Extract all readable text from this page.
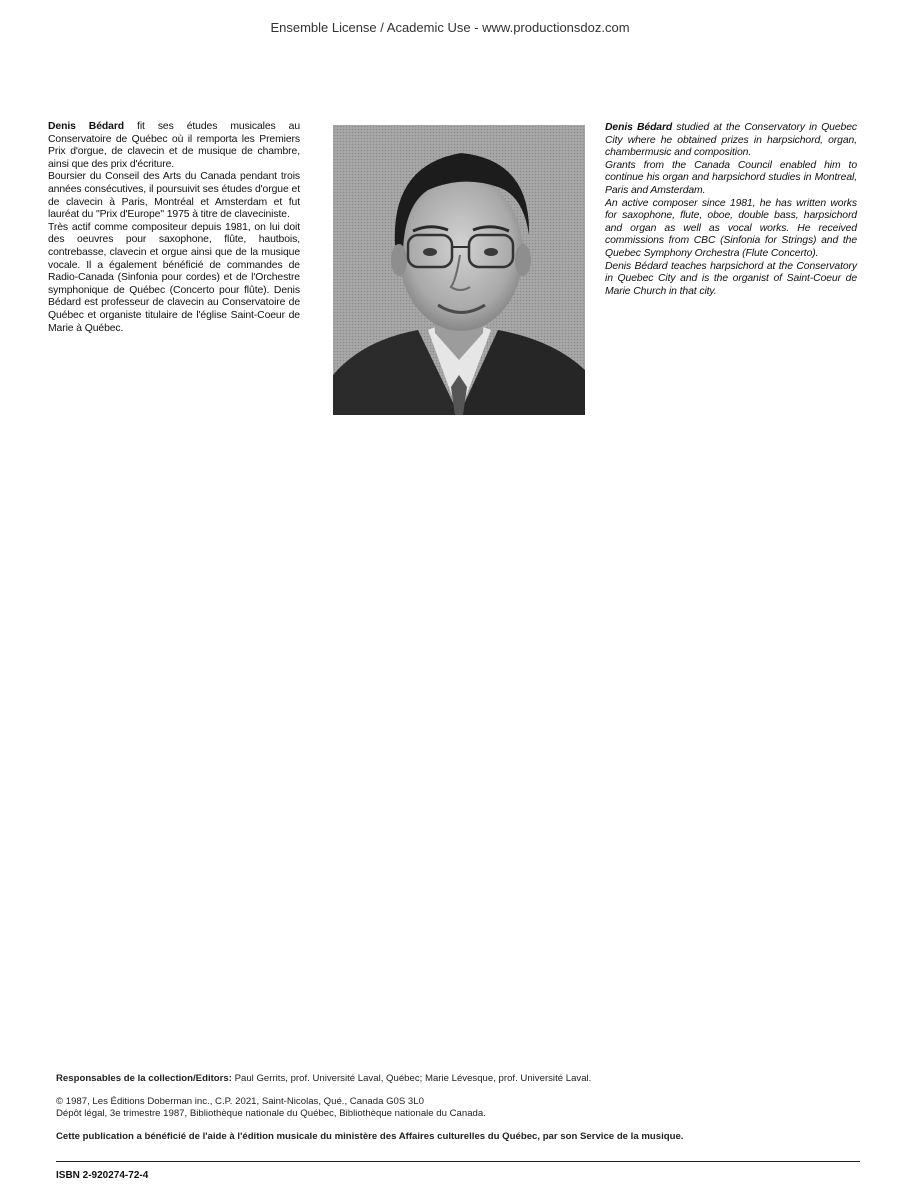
Ensemble License / Academic Use - www.productionsdoz.com

Denis Bédard fit ses études musicales au Conservatoire de Québec où il remporta les Premiers Prix d'orgue, de clavecin et de musique de chambre, ainsi que des prix d'écriture.

Boursier du Conseil des Arts du Canada pendant trois années consécutives, il poursuivit ses études d'orgue et de clavecin à Paris, Montréal et Amsterdam et fut lauréat du "Prix d'Europe" 1975 à titre de claveciniste.

Très actif comme compositeur depuis 1981, on lui doit des oeuvres pour saxophone, flûte, hautbois, contrebasse, clavecin et orgue ainsi que de la musique vocale. Il a également bénéficié de commandes de Radio-Canada (Sinfonia pour cordes) et de l'Orchestre symphonique de Québec (Concerto pour flûte). Denis Bédard est professeur de clavecin au Conservatoire de Québec et organiste titulaire de l'église Saint-Coeur de Marie à Québec.

Denis Bédard studied at the Conservatory in Quebec City where he obtained prizes in harpsichord, organ, chambermusic and composition.

Grants from the Canada Council enabled him to continue his organ and harpsichord studies in Montreal, Paris and Amsterdam.

An active composer since 1981, he has written works for saxophone, flute, oboe, double bass, harpsichord and organ as well as vocal works. He received commissions from CBC (Sinfonia for Strings) and the Quebec Symphony Orchestra (Flute Concerto).

Denis Bédard teaches harpsichord at the Conservatory in Quebec City and is the organist of Saint-Coeur de Marie Church in that city.

Responsables de la collection/Editors: Paul Gerrits, prof. Université Laval, Québec; Marie Lévesque, prof. Université Laval.

© 1987, Les Éditions Doberman inc., C.P. 2021, Saint-Nicolas, Qué., Canada G0S 3L0

Dépôt légal, 3e trimestre 1987, Bibliothèque nationale du Québec, Bibliothèque nationale du Canada.

Cette publication a bénéficié de l'aide à l'édition musicale du ministère des Affaires culturelles du Québec, par son Service de la musique.

ISBN 2-920274-72-4
